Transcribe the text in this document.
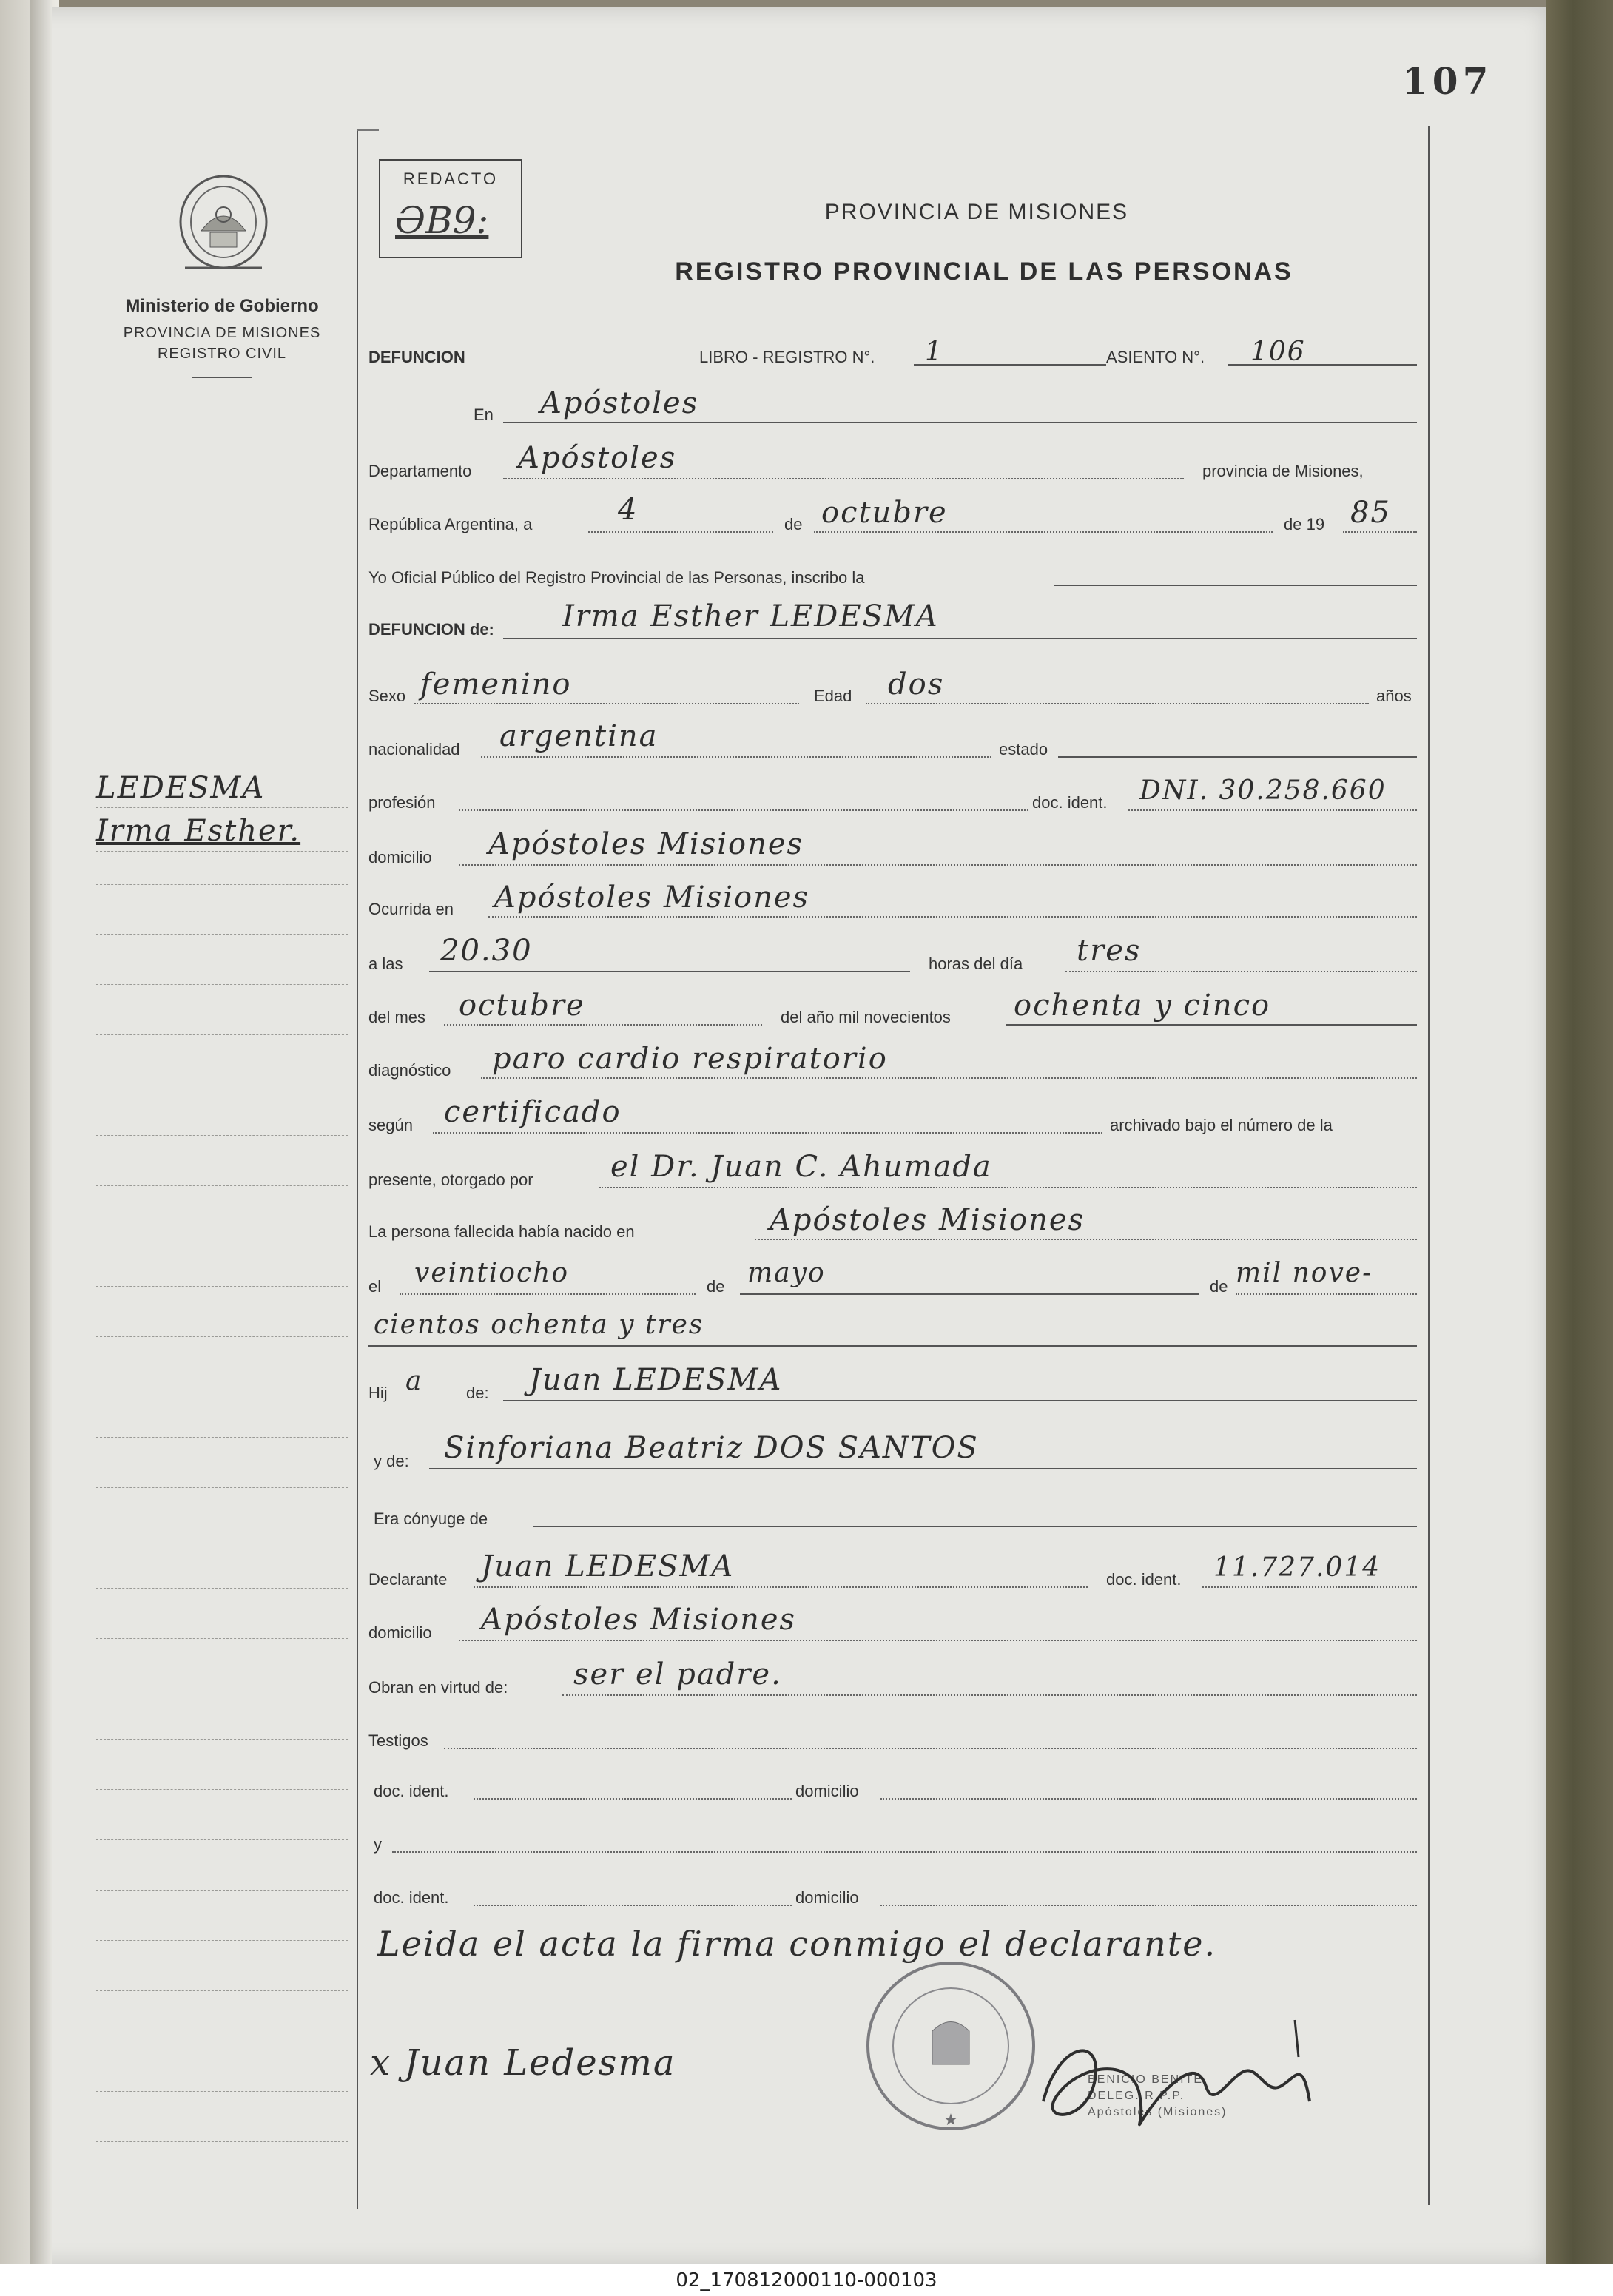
107
Ministerio de Gobierno
PROVINCIA DE MISIONES
REGISTRO CIVIL
REDACTO
ӘВ9:	PROVINCIA DE MISIONES
REGISTRO PROVINCIAL DE LAS PERSONAS
LEDESMA
Irma Esther.
DEFUNCION	LIBRO - REGISTRO N°. 1	ASIENTO N°. 106
En Apóstoles
Departamento Apóstoles	provincia de Misiones,
República Argentina, a	4	de octubre	de 19 85
Yo Oficial Público del Registro Provincial de las Personas, inscribo la
DEFUNCION de: Irma Esther LEDESMA
Sexo femenino	Edad dos	años
nacionalidad argentina	estado
profesión	doc. ident. DNI. 30.258.660
domicilio Apóstoles Misiones
Ocurrida en Apóstoles Misiones
a las 20.30	horas del día tres
del mes octubre	del año mil novecientos ochenta y cinco
diagnóstico paro cardio respiratorio
según certificado	archivado bajo el número de la
presente, otorgado por	el Dr. Juan C. Ahumada
La persona fallecida había nacido en	Apóstoles Misiones
el veintiocho	de mayo	de mil nove-
cientos ochenta y tres
Hij a	de: Juan LEDESMA
y de: Sinforiana Beatriz DOS SANTOS
Era cónyuge de
Declarante Juan LEDESMA	doc. ident. 11.727.014
domicilio Apóstoles Misiones
Obran en virtud de: ser el padre.
Testigos
doc. ident.	domicilio
y
doc. ident.	domicilio
Leida el acta la firma conmigo el declarante.
★
BENICIO BENITE
DELEG. R.P.P.
Apóstoles (Misiones)
x Juan Ledesma
02_170812000110-000103
